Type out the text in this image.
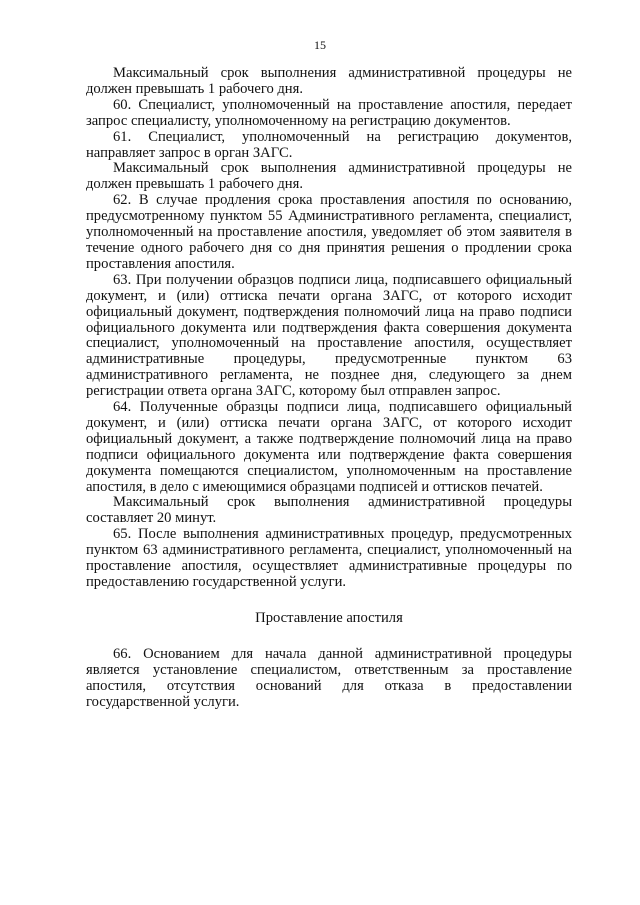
15

Максимальный срок выполнения административной процедуры не должен превышать 1 рабочего дня.

60. Специалист, уполномоченный на проставление апостиля, передает запрос специалисту, уполномоченному на регистрацию документов.

61. Специалист, уполномоченный на регистрацию документов, направляет запрос в орган ЗАГС.

Максимальный срок выполнения административной процедуры не должен превышать 1 рабочего дня.

62. В случае продления срока проставления апостиля по основанию, предусмотренному пунктом 55 Административного регламента, специалист, уполномоченный на проставление апостиля, уведомляет об этом заявителя в течение одного рабочего дня со дня принятия решения о продлении срока проставления апостиля.

63. При получении образцов подписи лица, подписавшего официальный документ, и (или) оттиска печати органа ЗАГС, от которого исходит официальный документ, подтверждения полномочий лица на право подписи официального документа или подтверждения факта совершения документа специалист, уполномоченный на проставление апостиля, осуществляет административные процедуры, предусмотренные пунктом 63 административного регламента, не позднее дня, следующего за днем регистрации ответа органа ЗАГС, которому был отправлен запрос.

64. Полученные образцы подписи лица, подписавшего официальный документ, и (или) оттиска печати органа ЗАГС, от которого исходит официальный документ, а также подтверждение полномочий лица на право подписи официального документа или подтверждение факта совершения документа помещаются специалистом, уполномоченным на проставление апостиля, в дело с имеющимися образцами подписей и оттисков печатей.

Максимальный срок выполнения административной процедуры составляет 20 минут.

65. После выполнения административных процедур, предусмотренных пунктом 63 административного регламента, специалист, уполномоченный на проставление апостиля, осуществляет административные процедуры по предоставлению государственной услуги.

Проставление апостиля

66. Основанием для начала данной административной процедуры является установление специалистом, ответственным за проставление апостиля, отсутствия оснований для отказа в предоставлении государственной услуги.
